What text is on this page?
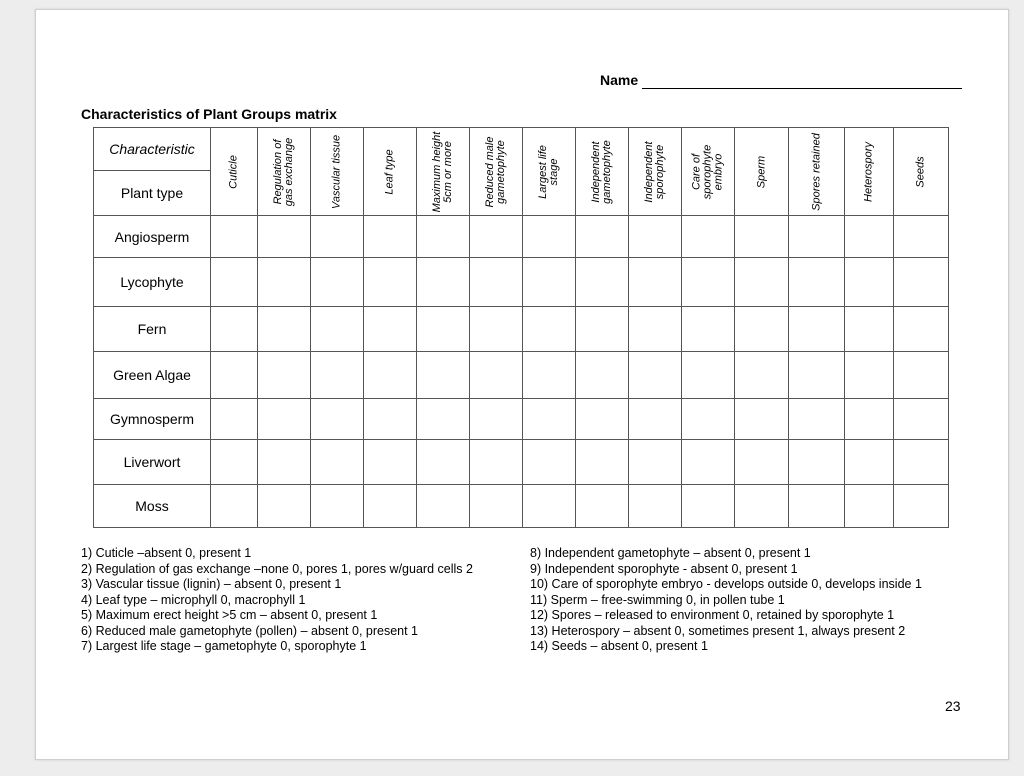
Name
Characteristics of Plant Groups matrix
Characteristic	Cuticle	Regulation of gas exchange	Vascular tissue	Leaf type	Maximum height 5cm or more	Reduced male gametophyte	Largest life stage	Independent gametophyte	Independent sporophyte	Care of sporophyte embryo	Sperm	Spores retained	Heterospory	Seeds

Plant type														
Angiosperm														
Lycophyte														
Fern														
Green Algae														
Gymnosperm														
Liverwort														
Moss														
1) Cuticle –absent 0, present 1
2) Regulation of gas exchange –none 0, pores 1, pores w/guard cells 2
3) Vascular tissue (lignin) – absent 0, present 1
4) Leaf type – microphyll 0, macrophyll 1
5) Maximum erect height >5 cm – absent 0, present 1
6) Reduced male gametophyte (pollen) – absent 0, present 1
7) Largest life stage – gametophyte 0, sporophyte 1
8) Independent gametophyte – absent 0, present 1
9) Independent sporophyte - absent 0, present 1
10) Care of sporophyte embryo - develops outside 0, develops inside 1
11) Sperm – free-swimming 0, in pollen tube 1
12) Spores – released to environment 0, retained by sporophyte 1
13) Heterospory – absent 0, sometimes present 1, always present 2
14) Seeds – absent 0, present 1
23
